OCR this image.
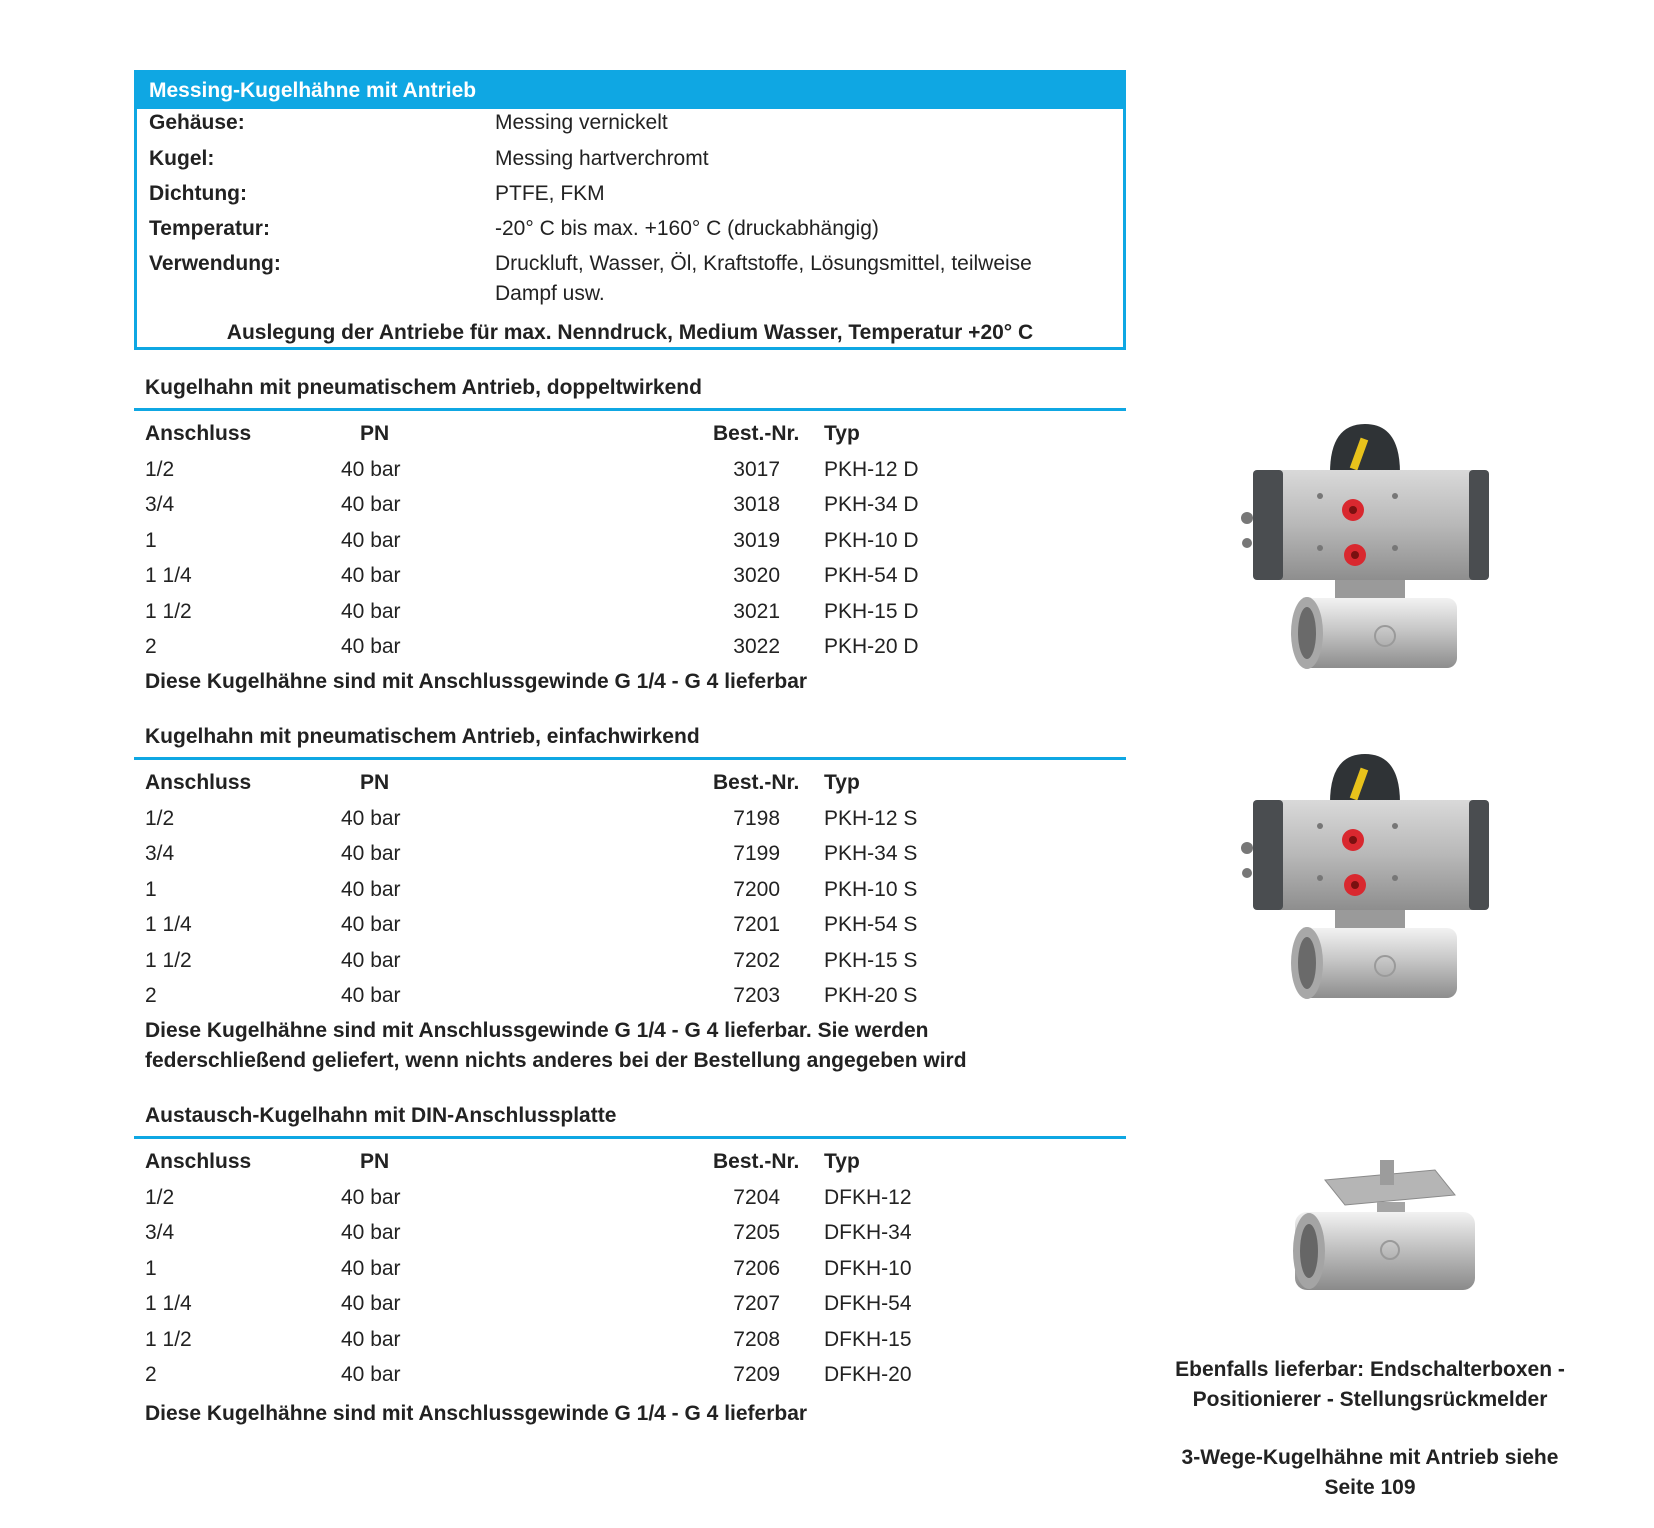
Messing-Kugelhähne mit Antrieb
Gehäuse:	Messing vernickelt
Kugel:	Messing hartverchromt
Dichtung:	PTFE, FKM
Temperatur:	-20° C bis max. +160° C (druckabhängig)
Verwendung:	Druckluft, Wasser, Öl, Kraftstoffe, Lösungsmittel, teilweise Dampf usw.
Auslegung der Antriebe für max. Nenndruck, Medium Wasser, Temperatur +20° C
Kugelhahn mit pneumatischem Antrieb, doppeltwirkend
Anschluss	PN	Best.-Nr. Typ
1/2	40 bar	3017 PKH-12 D
3/4	40 bar	3018 PKH-34 D
1	40 bar	3019 PKH-10 D
1 1/4	40 bar	3020 PKH-54 D
1 1/2	40 bar	3021 PKH-15 D
2	40 bar	3022 PKH-20 D
Diese Kugelhähne sind mit Anschlussgewinde G 1/4 - G 4 lieferbar
Kugelhahn mit pneumatischem Antrieb, einfachwirkend
Anschluss	PN	Best.-Nr. Typ
1/2	40 bar	7198 PKH-12 S
3/4	40 bar	7199 PKH-34 S
1	40 bar	7200 PKH-10 S
1 1/4	40 bar	7201 PKH-54 S
1 1/2	40 bar	7202 PKH-15 S
2	40 bar	7203 PKH-20 S
Diese Kugelhähne sind mit Anschlussgewinde G 1/4 - G 4 lieferbar. Sie werden federschließend geliefert, wenn nichts anderes bei der Bestellung angegeben wird
Austausch-Kugelhahn mit DIN-Anschlussplatte
Anschluss	PN	Best.-Nr. Typ
1/2	40 bar	7204 DFKH-12
3/4	40 bar	7205 DFKH-34
1	40 bar	7206 DFKH-10
1 1/4	40 bar	7207 DFKH-54
1 1/2	40 bar	7208 DFKH-15
2	40 bar	7209 DFKH-20
Diese Kugelhähne sind mit Anschlussgewinde G 1/4 - G 4 lieferbar
Ebenfalls lieferbar: Endschalterboxen - Positionierer - Stellungsrückmelder
3-Wege-Kugelhähne mit Antrieb siehe Seite 109
